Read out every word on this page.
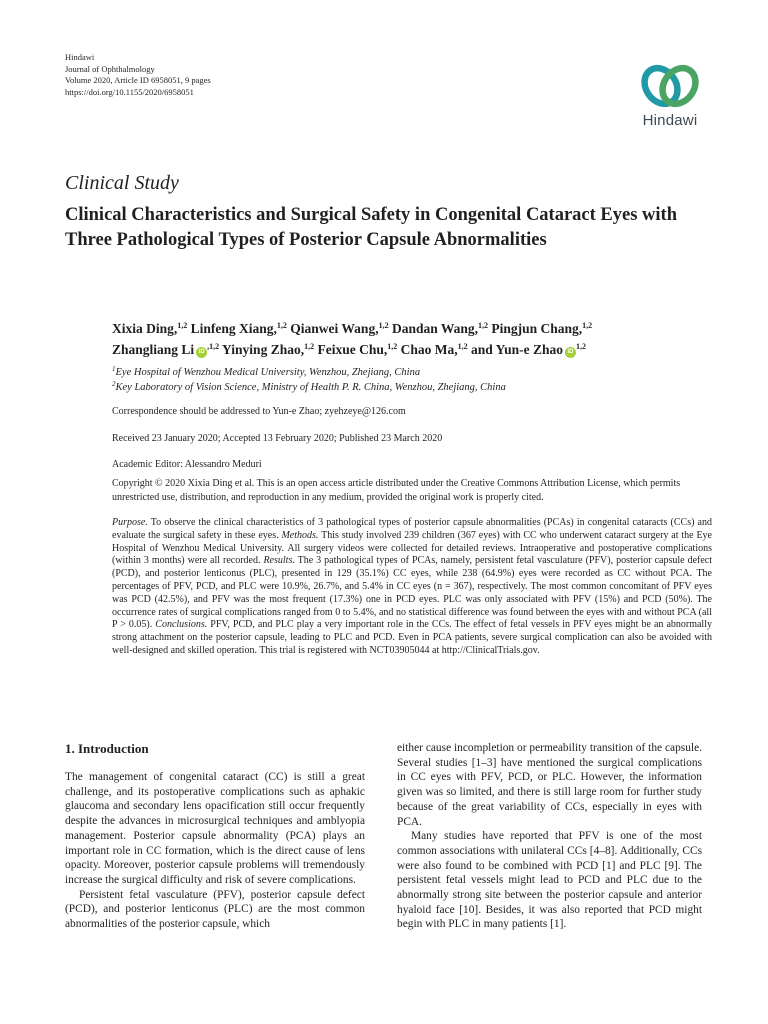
Hindawi
Journal of Ophthalmology
Volume 2020, Article ID 6958051, 9 pages
https://doi.org/10.1155/2020/6958051
Hindawi
Clinical Study
Clinical Characteristics and Surgical Safety in Congenital Cataract Eyes with Three Pathological Types of Posterior Capsule Abnormalities
Xixia Ding,$^{1,2}$ Linfeng Xiang,$^{1,2}$ Qianwei Wang,$^{1,2}$ Dandan Wang,$^{1,2}$ Pingjun Chang,$^{1,2}$
Zhangliang Li $iD^{,1,2}$ Yinying Zhao,$^{1,2}$ Feixue Chu,$^{1,2}$ Chao Ma,$^{1,2}$ and Yun-e Zhao iD$^{1,2}$
$^1$Eye Hospital of Wenzhou Medical University, Wenzhou, Zhejiang, China
$^2$Key Laboratory of Vision Science, Ministry of Health P. R. China, Wenzhou, Zhejiang, China
Correspondence should be addressed to Yun-e Zhao; zyehzeye@126.com
Received 23 January 2020; Accepted 13 February 2020; Published 23 March 2020
Academic Editor: Alessandro Meduri
Copyright © 2020 Xixia Ding et al. This is an open access article distributed under the Creative Commons Attribution License, which permits unrestricted use, distribution, and reproduction in any medium, provided the original work is properly cited.
Purpose. To observe the clinical characteristics of 3 pathological types of posterior capsule abnormalities (PCAs) in congenital cataracts (CCs) and evaluate the surgical safety in these eyes. Methods. This study involved 239 children (367 eyes) with CC who underwent cataract surgery at the Eye Hospital of Wenzhou Medical University. All surgery videos were collected for detailed reviews. Intraoperative and postoperative complications (within 3 months) were all recorded. Results. The 3 pathological types of PCAs, namely, persistent fetal vasculature (PFV), posterior capsule defect (PCD), and posterior lenticonus (PLC), presented in 129 (35.1%) CC eyes, while 238 (64.9%) eyes were recorded as CC without PCA. The percentages of PFV, PCD, and PLC were 10.9%, 26.7%, and 5.4% in CC eyes (n = 367), respectively. The most common concomitant of PFV eyes was PCD (42.5%), and PFV was the most frequent (17.3%) one in PCD eyes. PLC was only associated with PFV (15%) and PCD (50%). The occurrence rates of surgical complications ranged from 0 to 5.4%, and no statistical difference was found between the eyes with and without PCA (all P > 0.05). Conclusions. PFV, PCD, and PLC play a very important role in the CCs. The effect of fetal vessels in PFV eyes might be an abnormally strong attachment on the posterior capsule, leading to PLC and PCD. Even in PCA patients, severe surgical complication can also be avoided with well-designed and skilled operation. This trial is registered with NCT03905044 at http://ClinicalTrials.gov.
1. Introduction

The management of congenital cataract (CC) is still a great challenge, and its postoperative complications such as aphakic glaucoma and secondary lens opacification still occur frequently despite the advances in microsurgical techniques and amblyopia management. Posterior capsule abnormality (PCA) plays an important role in CC formation, which is the direct cause of lens opacity. Moreover, posterior capsule problems will tremendously increase the surgical difficulty and risk of severe complications.

Persistent fetal vasculature (PFV), posterior capsule defect (PCD), and posterior lenticonus (PLC) are the most common abnormalities of the posterior capsule, which

either cause incompletion or permeability transition of the capsule. Several studies [1–3] have mentioned the surgical complications in CC eyes with PFV, PCD, or PLC. However, the information given was so limited, and there is still large room for further study because of the great variability of CCs, especially in eyes with PCA.

Many studies have reported that PFV is one of the most common associations with unilateral CCs [4–8]. Additionally, CCs were also found to be combined with PCD [1] and PLC [9]. The persistent fetal vessels might lead to PCD and PLC due to the abnormally strong site between the posterior capsule and anterior hyaloid face [10]. Besides, it was also reported that PCD might begin with PLC in many patients [1].
